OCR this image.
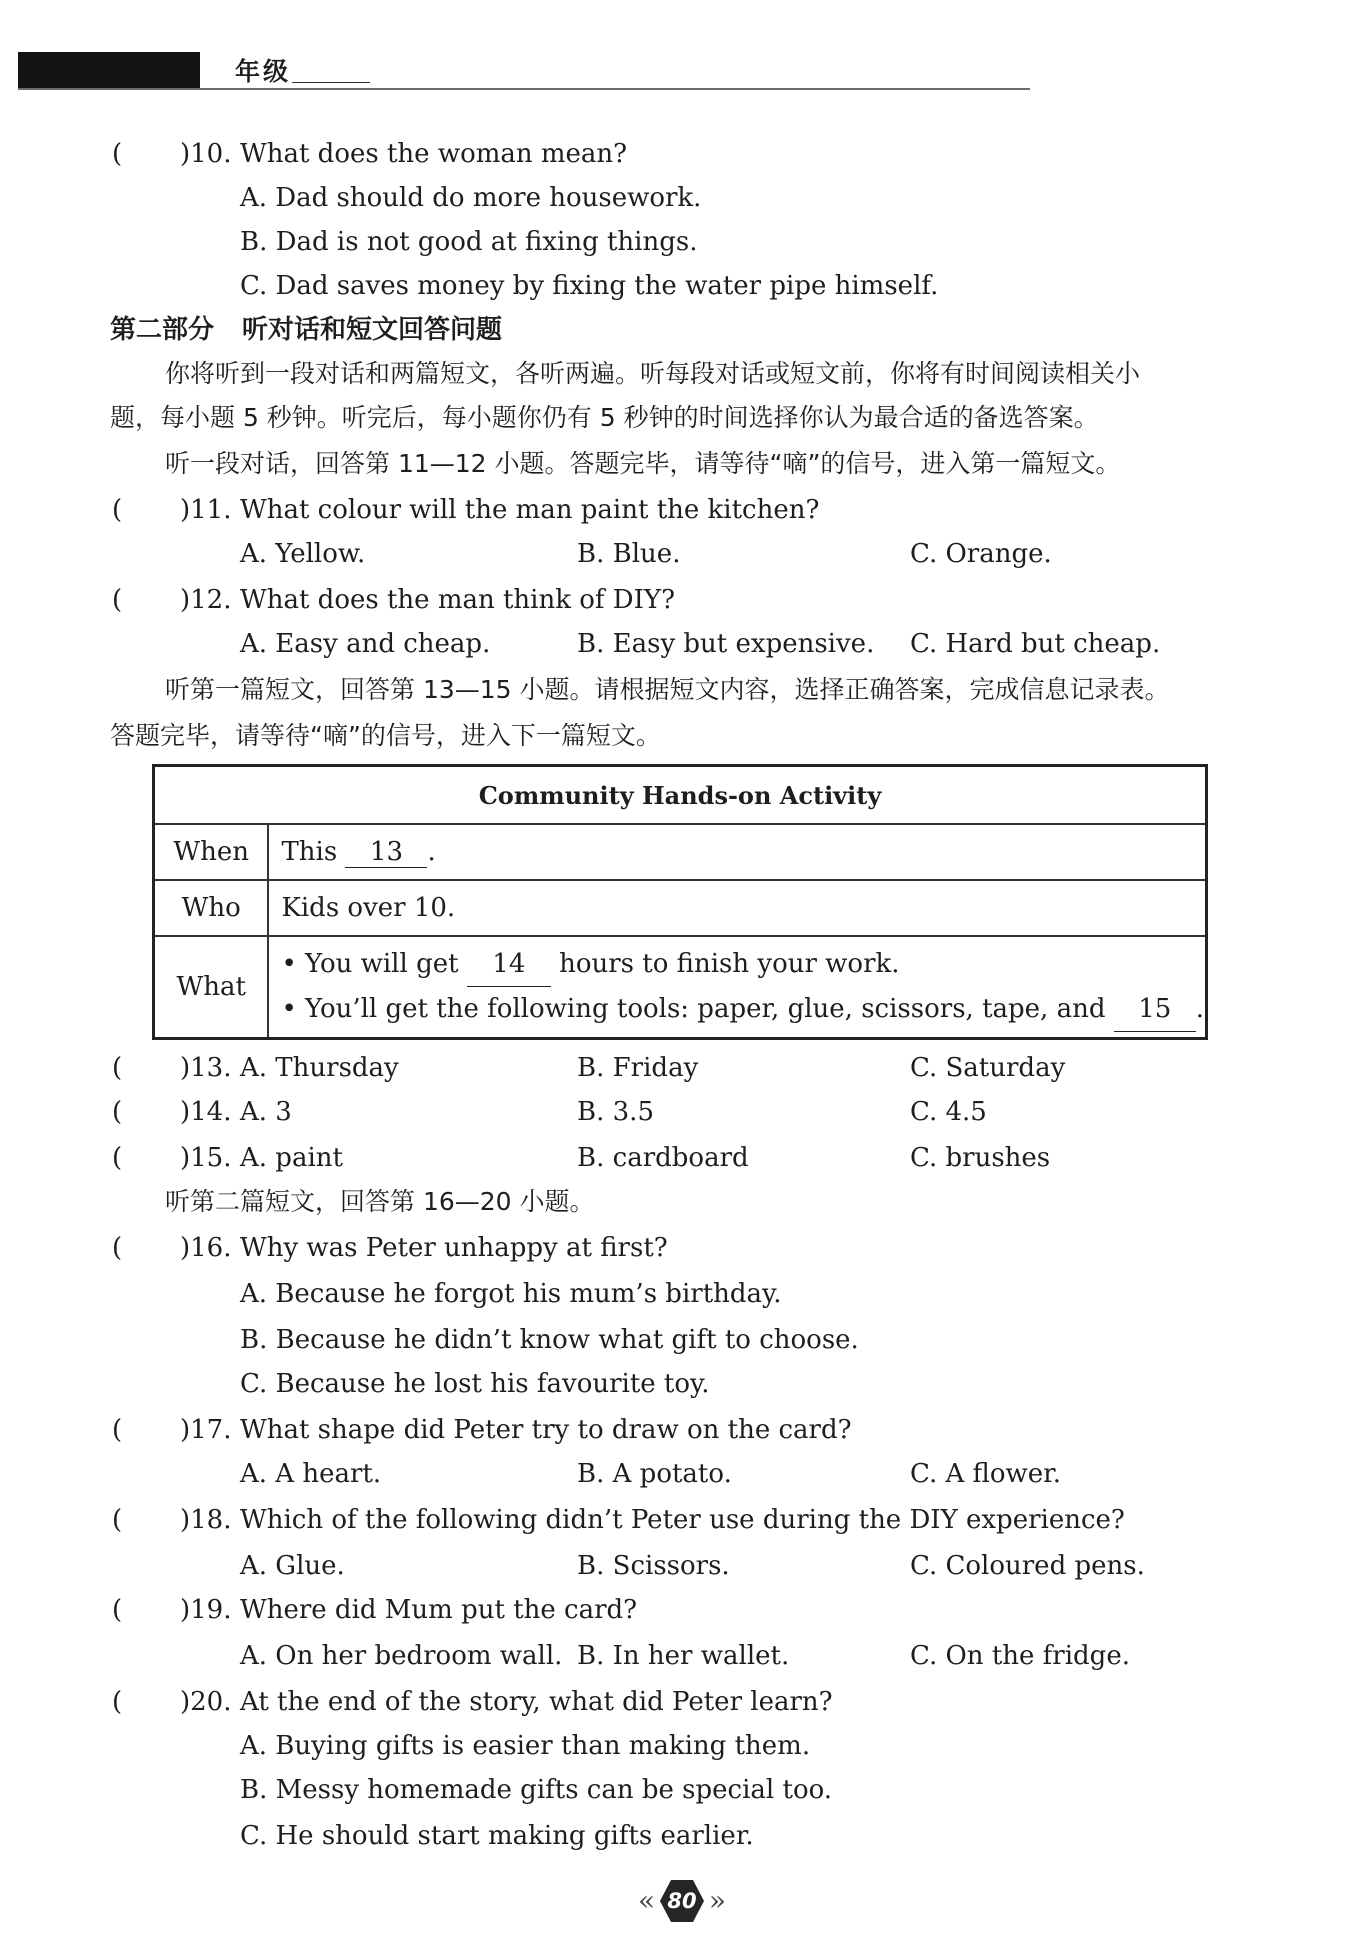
年级
( )10. What does the woman mean?
A. Dad should do more housework.
B. Dad is not good at fixing things.
C. Dad saves money by fixing the water pipe himself.
第二部分 听对话和短文回答问题
你将听到一段对话和两篇短文，各听两遍。听每段对话或短文前，你将有时间阅读相关小
题，每小题 5 秒钟。听完后，每小题你仍有 5 秒钟的时间选择你认为最合适的备选答案。
听一段对话，回答第 11—12 小题。答题完毕，请等待“嘀”的信号，进入第一篇短文。
( )11. What colour will the man paint the kitchen?
A. Yellow.	B. Blue.	C. Orange.
( )12. What does the man think of DIY?
A. Easy and cheap.	B. Easy but expensive. C. Hard but cheap.
听第一篇短文，回答第 13—15 小题。请根据短文内容，选择正确答案，完成信息记录表。
答题完毕，请等待“嘀”的信号，进入下一篇短文。
Community Hands-on Activity	
When	This 13 .
Who	Kids over 10.
What	• You will get 14 hours to finish your work.
• You’ll get the following tools: paper, glue, scissors, tape, and 15 .
( )13. A. Thursday	B. Friday	C. Saturday
( )14. A. 3	B. 3.5	C. 4.5
( )15. A. paint	B. cardboard	C. brushes
听第二篇短文，回答第 16—20 小题。
( )16. Why was Peter unhappy at first?
A. Because he forgot his mum’s birthday.
B. Because he didn’t know what gift to choose.
C. Because he lost his favourite toy.
( )17. What shape did Peter try to draw on the card?
A. A heart.	B. A potato.	C. A flower.
( )18. Which of the following didn’t Peter use during the DIY experience?
A. Glue.	B. Scissors.	C. Coloured pens.
( )19. Where did Mum put the card?
A. On her bedroom wall. B. In her wallet.	C. On the fridge.
( )20. At the end of the story, what did Peter learn?
A. Buying gifts is easier than making them.
B. Messy homemade gifts can be special too.
C. He should start making gifts earlier.
« 80 »
